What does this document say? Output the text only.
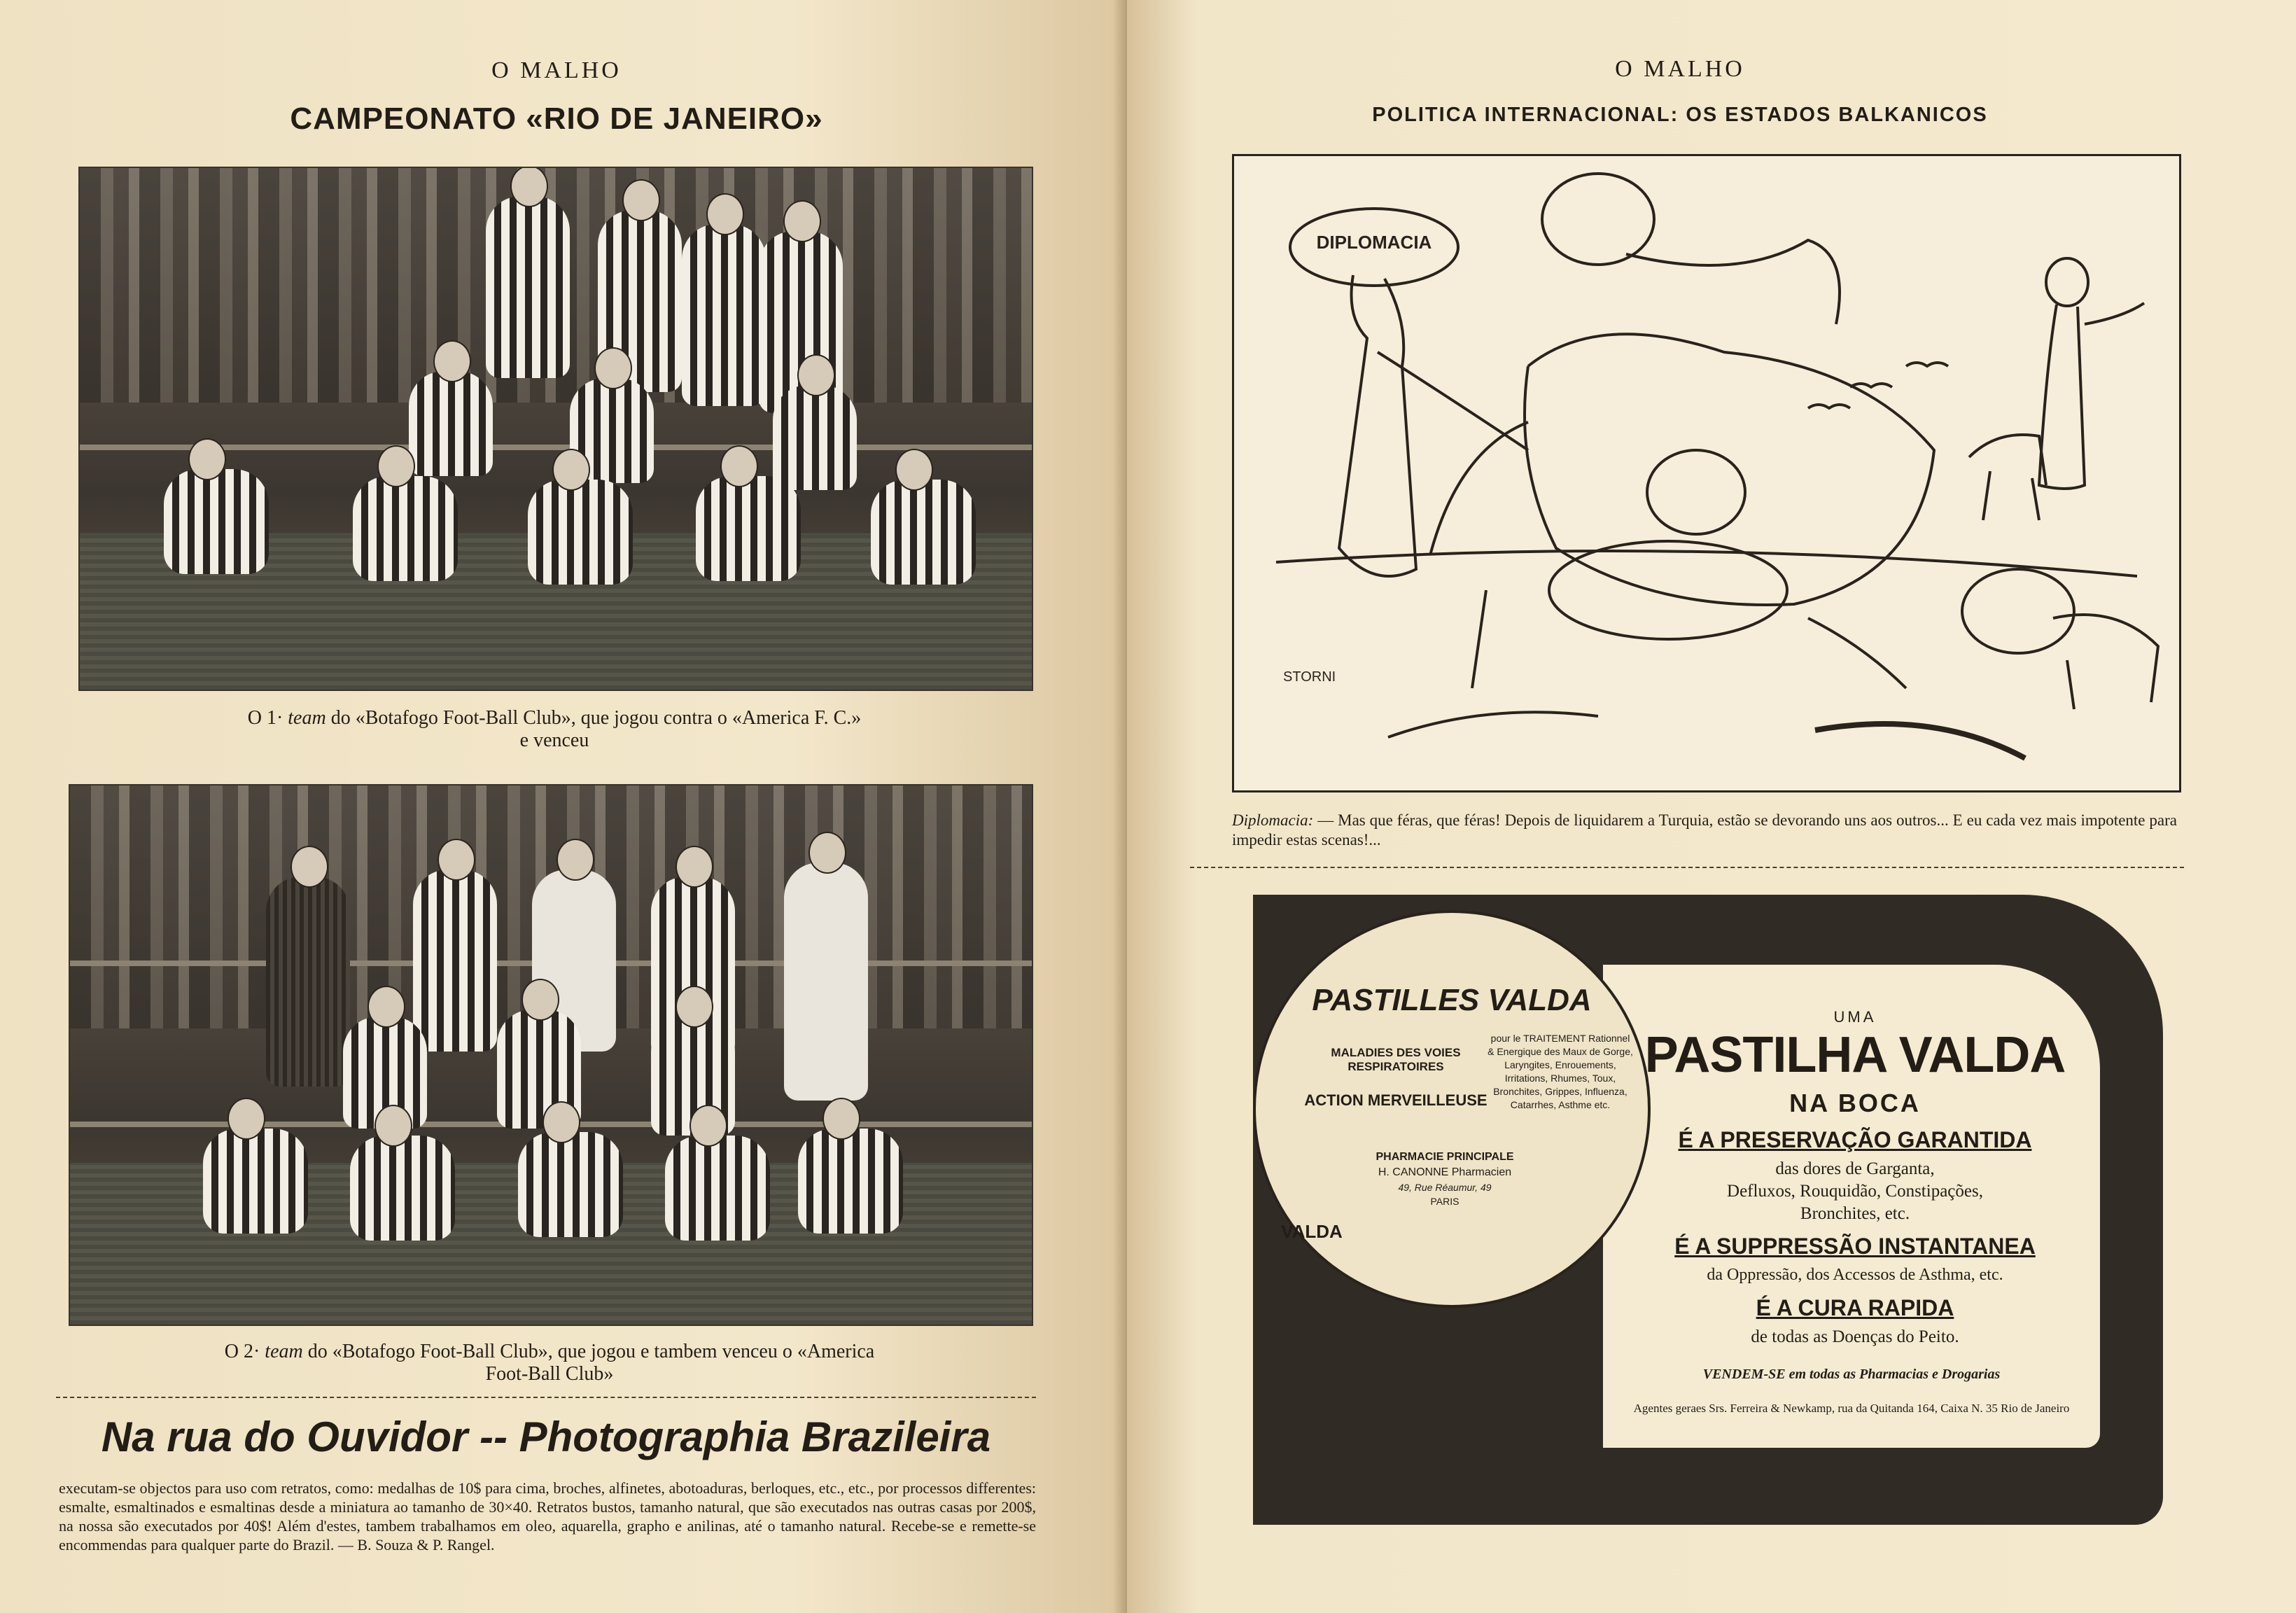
O MALHO
CAMPEONATO «RIO DE JANEIRO»
O 1· team do «Botafogo Foot-Ball Club», que jogou contra o «America F. C.»
e venceu
O 2· team do «Botafogo Foot-Ball Club», que jogou e tambem venceu o «America
Foot-Ball Club»
Na rua do Ouvidor -- Photographia Brazileira
executam-se objectos para uso com retratos, como: medalhas de 10$ para cima, broches, alfinetes, abotoaduras, berloques, etc., etc., por processos differentes: esmalte, esmaltinados e esmaltinas desde a miniatura ao tamanho de 30×40. Retratos bustos, tamanho natural, que são executados nas outras casas por 200$, na nossa são executados por 40$! Além d'estes, tambem trabalhamos em oleo, aquarella, grapho e anilinas, até o tamanho natural. Recebe-se e remette-se encommendas para qualquer parte do Brazil. — B. Souza & P. Rangel.
O MALHO
POLITICA INTERNACIONAL: OS ESTADOS BALKANICOS
DIPLOMACIA
STORNI
Diplomacia: — Mas que féras, que féras! Depois de liquidarem a Turquia, estão se devorando uns aos outros... E eu cada vez mais impotente para impedir estas scenas!...
PASTILLES VALDA
MALADIES DES VOIES RESPIRATOIRES
ACTION MERVEILLEUSE
pour le TRAITEMENT Rationnel & Energique des Maux de Gorge, Laryngites, Enrouements, Irritations, Rhumes, Toux, Bronchites, Grippes, Influenza, Catarrhes, Asthme etc.
PHARMACIE PRINCIPALE
H. CANONNE Pharmacien
49, Rue Réaumur, 49
PARIS
VALDA
UMA
PASTILHA VALDA
NA BOCA
É A PRESERVAÇÃO GARANTIDA
das dores de Garganta,
Defluxos, Rouquidão, Constipações,
Bronchites, etc.
É A SUPPRESSÃO INSTANTANEA
da Oppressão, dos Accessos de Asthma, etc.
É A CURA RAPIDA
de todas as Doenças do Peito.
VENDEM-SE em todas as Pharmacias e Drogarias
Agentes geraes Srs. Ferreira & Newkamp, rua da Quitanda 164, Caixa N. 35 Rio de Janeiro
